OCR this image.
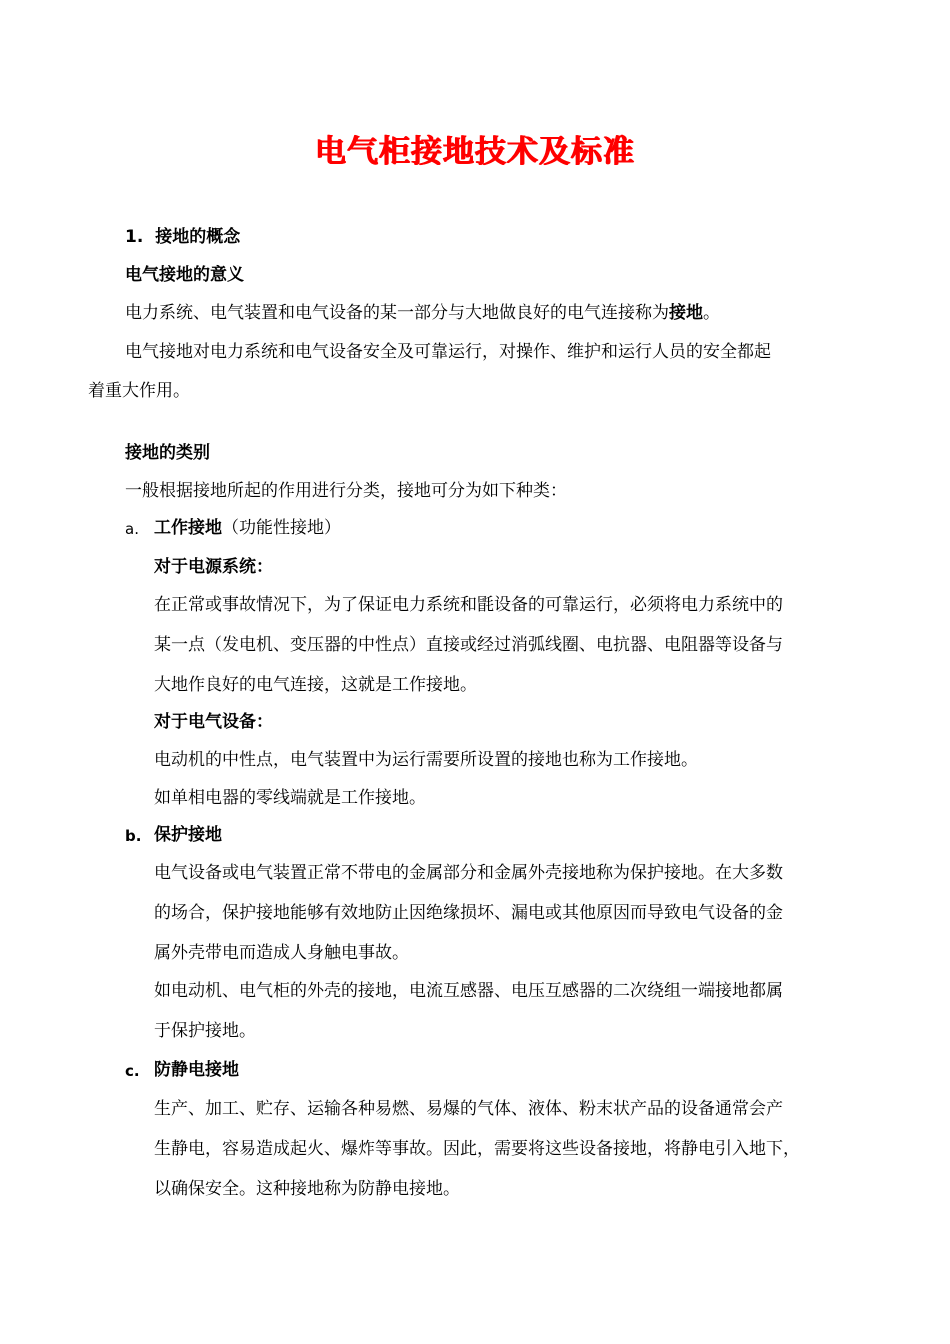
电气柜接地技术及标准
1. 接地的概念
电气接地的意义
电力系统、电气装置和电气设备的某一部分与大地做良好的电气连接称为接地。
电气接地对电力系统和电气设备安全及可靠运行，对操作、维护和运行人员的安全都起
着重大作用。
接地的类别
一般根据接地所起的作用进行分类，接地可分为如下种类：
a. 工作接地（功能性接地）
对于电源系统：
在正常或事故情况下，为了保证电力系统和毷设备的可靠运行，必须将电力系统中的
某一点（发电机、变压器的中性点）直接或经过消弧线圈、电抗器、电阻器等设备与
大地作良好的电气连接，这就是工作接地。
对于电气设备：
电动机的中性点，电气装置中为运行需要所设置的接地也称为工作接地。
如单相电器的零线端就是工作接地。
b. 保护接地
电气设备或电气装置正常不带电的金属部分和金属外壳接地称为保护接地。在大多数
的场合，保护接地能够有效地防止因绝缘损坏、漏电或其他原因而导致电气设备的金
属外壳带电而造成人身触电事故。
如电动机、电气柜的外壳的接地，电流互感器、电压互感器的二次绕组一端接地都属
于保护接地。
c. 防静电接地
生产、加工、贮存、运输各种易燃、易爆的气体、液体、粉末状产品的设备通常会产
生静电，容易造成起火、爆炸等事故。因此，需要将这些设备接地，将静电引入地下，
以确保安全。这种接地称为防静电接地。
